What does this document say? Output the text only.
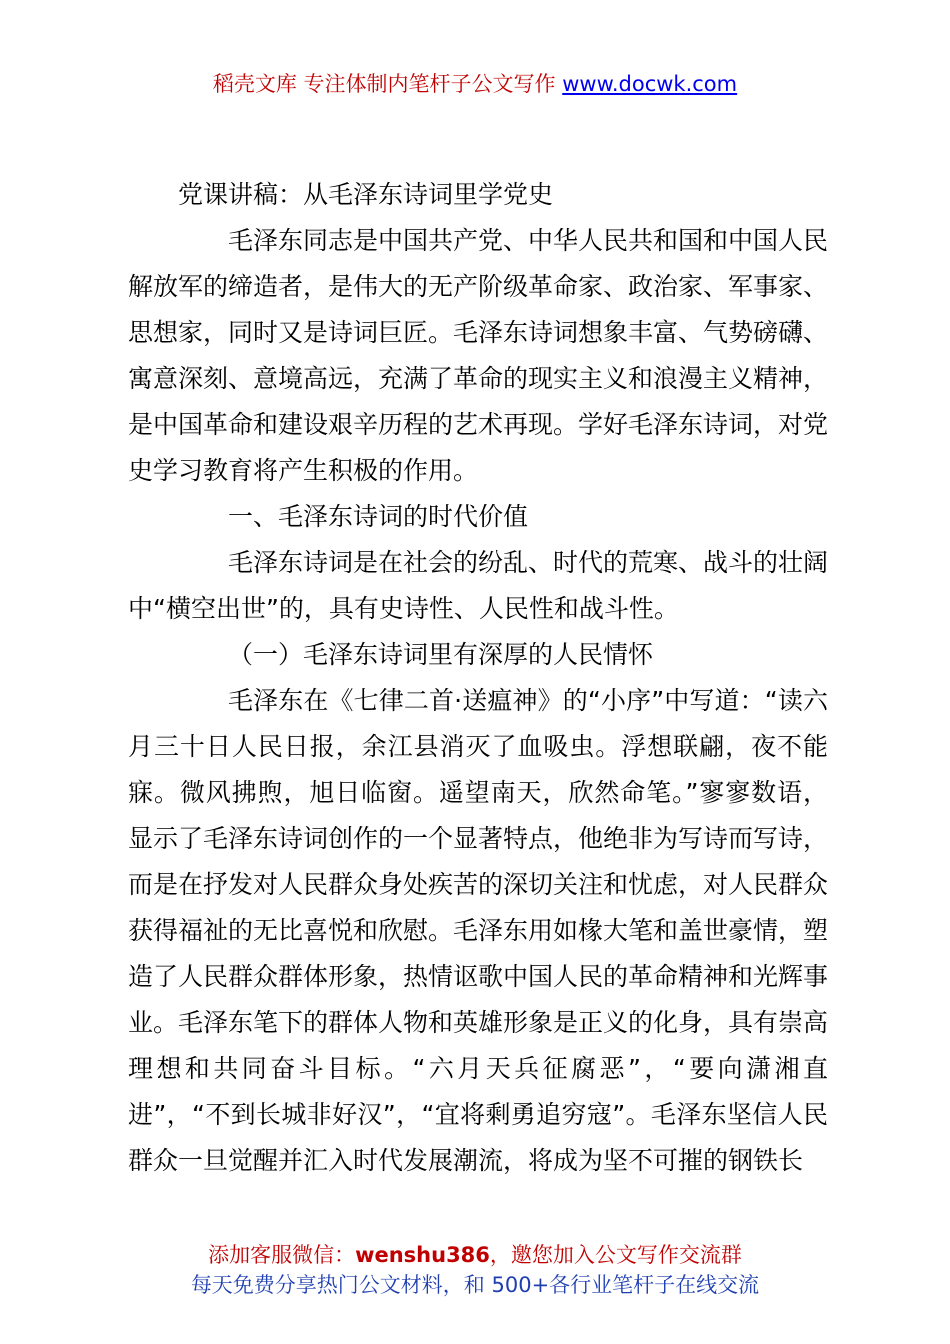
稻壳文库 专注体制内笔杆子公文写作 www.docwk.com

党课讲稿：从毛泽东诗词里学党史

毛泽东同志是中国共产党、中华人民共和国和中国人民解放军的缔造者，是伟大的无产阶级革命家、政治家、军事家、思想家，同时又是诗词巨匠。毛泽东诗词想象丰富、气势磅礴、寓意深刻、意境高远，充满了革命的现实主义和浪漫主义精神，是中国革命和建设艰辛历程的艺术再现。学好毛泽东诗词，对党史学习教育将产生积极的作用。

一、毛泽东诗词的时代价值

毛泽东诗词是在社会的纷乱、时代的荒寒、战斗的壮阔中“横空出世”的，具有史诗性、人民性和战斗性。

（一）毛泽东诗词里有深厚的人民情怀

毛泽东在《七律二首·送瘟神》的“小序”中写道：“读六月三十日人民日报，余江县消灭了血吸虫。浮想联翩，夜不能寐。微风拂煦，旭日临窗。遥望南天，欣然命笔。”寥寥数语，显示了毛泽东诗词创作的一个显著特点，他绝非为写诗而写诗，而是在抒发对人民群众身处疾苦的深切关注和忧虑，对人民群众获得福祉的无比喜悦和欣慰。毛泽东用如椽大笔和盖世豪情，塑造了人民群众群体形象，热情讴歌中国人民的革命精神和光辉事业。毛泽东笔下的群体人物和英雄形象是正义的化身，具有崇高理想和共同奋斗目标。“六月天兵征腐恶”，“要向潇湘直进”，“不到长城非好汉”，“宜将剩勇追穷寇”。毛泽东坚信人民群众一旦觉醒并汇入时代发展潮流，将成为坚不可摧的钢铁长

添加客服微信：wenshu386，邀您加入公文写作交流群
每天免费分享热门公文材料，和 500+各行业笔杆子在线交流
